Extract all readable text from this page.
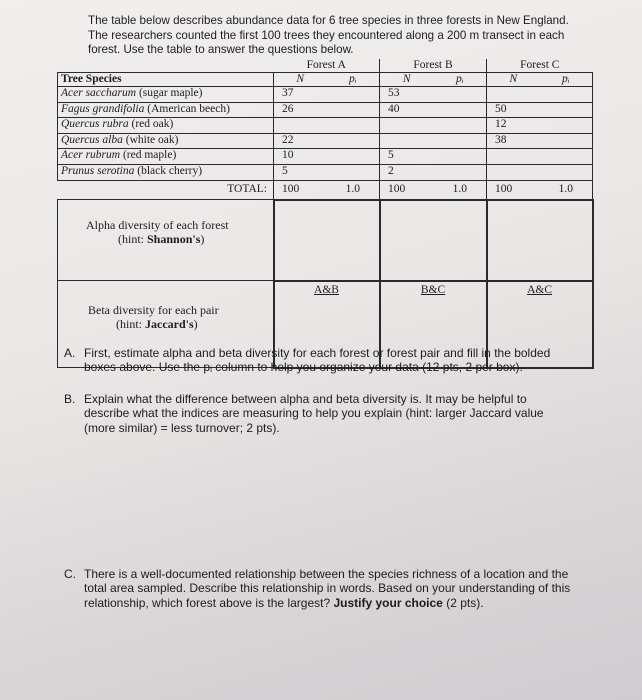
The table below describes abundance data for 6 tree species in three forests in New England.
The researchers counted the first 100 trees they encountered along a 200 m transect in each
forest. Use the table to answer the questions below.
	Forest A		Forest B		Forest C	
Tree Species	N	pᵢ	N	pᵢ	N	pᵢ
Acer saccharum (sugar maple)	37		53			
Fagus grandifolia (American beech)	26		40		50	
Quercus rubra (red oak)					12	
Quercus alba (white oak)	22				38	
Acer rubrum (red maple)	10		5			
Prunus serotina (black cherry)	5		2			
TOTAL:	100	1.0	100	1.0	100	1.0

Alpha diversity of each forest
(hint: Shannon's)						

Beta diversity for each pair
(hint: Jaccard's)	A&B		B&C		A&C	
A. First, estimate alpha and beta diversity for each forest or forest pair and fill in the bolded
boxes above. Use the pᵢ column to help you organize your data (12 pts, 2 per box).
B. Explain what the difference between alpha and beta diversity is. It may be helpful to
describe what the indices are measuring to help you explain (hint: larger Jaccard value
(more similar) = less turnover; 2 pts).
C. There is a well-documented relationship between the species richness of a location and the
total area sampled. Describe this relationship in words. Based on your understanding of this
relationship, which forest above is the largest? Justify your choice (2 pts).
